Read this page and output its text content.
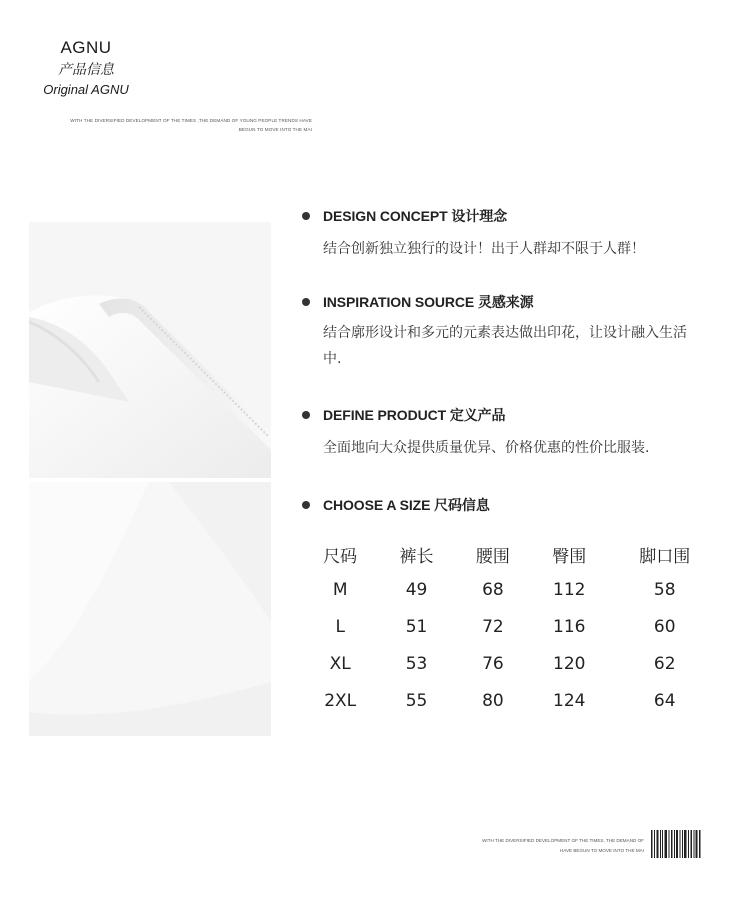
AGNU
产品信息
Original AGNU
WITH THE DIVERSIFIED DEVELOPMENT OF THE TIMES ,THE DEMAND OF YOUNG PEOPLE TRENDS HAVE
BEGUN TO MOVE INTO THE MAI
DESIGN CONCEPT 设计理念
结合创新独立独行的设计！出于人群却不限于人群！
INSPIRATION SOURCE 灵感来源
结合廓形设计和多元的元素表达做出印花，让设计融入生活中.
DEFINE PRODUCT 定义产品
全面地向大众提供质量优异、价格优惠的性价比服装.
CHOOSE A SIZE 尺码信息
尺码	裤长	腰围	臀围	脚口围
M	49	68	112	58
L	51	72	116	60
XL	53	76	120	62
2XL	55	80	124	64
WITH THE DIVERSIFIED DEVELOPMENT OF THE TIMES, THE DEMAND OF
HAVE BEGUN TO MOVE INTO THE MAI
